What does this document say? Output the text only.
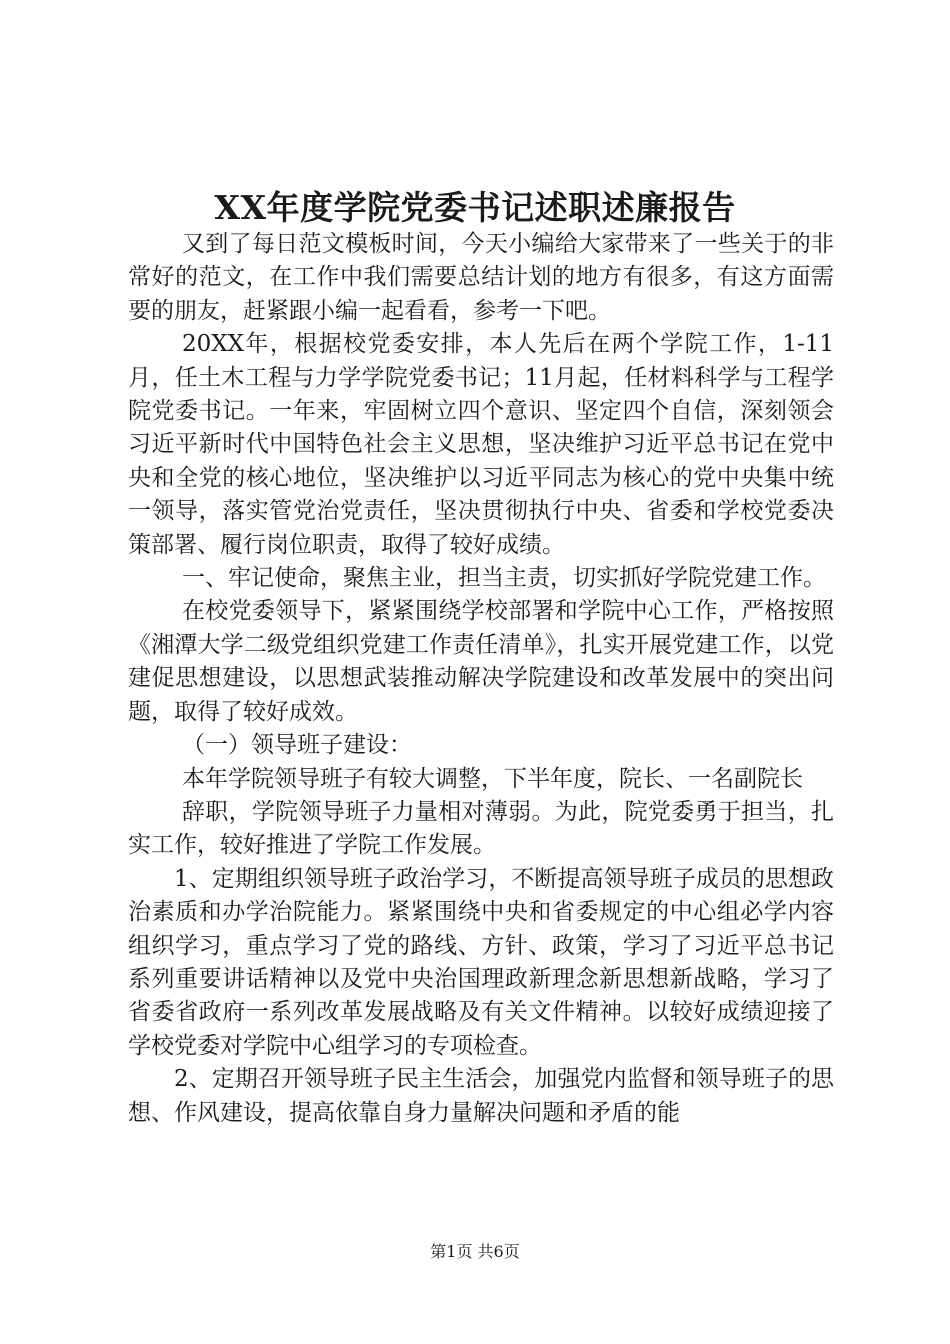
XX年度学院党委书记述职述廉报告

又到了每日范文模板时间，今天小编给大家带来了一些关于的非常好的范文，在工作中我们需要总结计划的地方有很多，有这方面需要的朋友，赶紧跟小编一起看看，参考一下吧。

20XX年，根据校党委安排，本人先后在两个学院工作，1-11月，任土木工程与力学学院党委书记；11月起，任材料科学与工程学院党委书记。一年来，牢固树立四个意识、坚定四个自信，深刻领会习近平新时代中国特色社会主义思想，坚决维护习近平总书记在党中央和全党的核心地位，坚决维护以习近平同志为核心的党中央集中统一领导，落实管党治党责任，坚决贯彻执行中央、省委和学校党委决策部署、履行岗位职责，取得了较好成绩。

一、牢记使命，聚焦主业，担当主责，切实抓好学院党建工作。

在校党委领导下，紧紧围绕学校部署和学院中心工作，严格按照《湘潭大学二级党组织党建工作责任清单》，扎实开展党建工作，以党建促思想建设，以思想武装推动解决学院建设和改革发展中的突出问题，取得了较好成效。

（一）领导班子建设：

本年学院领导班子有较大调整，下半年度，院长、一名副院长

辞职，学院领导班子力量相对薄弱。为此，院党委勇于担当，扎实工作，较好推进了学院工作发展。

1、定期组织领导班子政治学习，不断提高领导班子成员的思想政治素质和办学治院能力。紧紧围绕中央和省委规定的中心组必学内容组织学习，重点学习了党的路线、方针、政策，学习了习近平总书记系列重要讲话精神以及党中央治国理政新理念新思想新战略，学习了省委省政府一系列改革发展战略及有关文件精神。以较好成绩迎接了学校党委对学院中心组学习的专项检查。

2、定期召开领导班子民主生活会，加强党内监督和领导班子的思想、作风建设，提高依靠自身力量解决问题和矛盾的能

第1页 共6页
